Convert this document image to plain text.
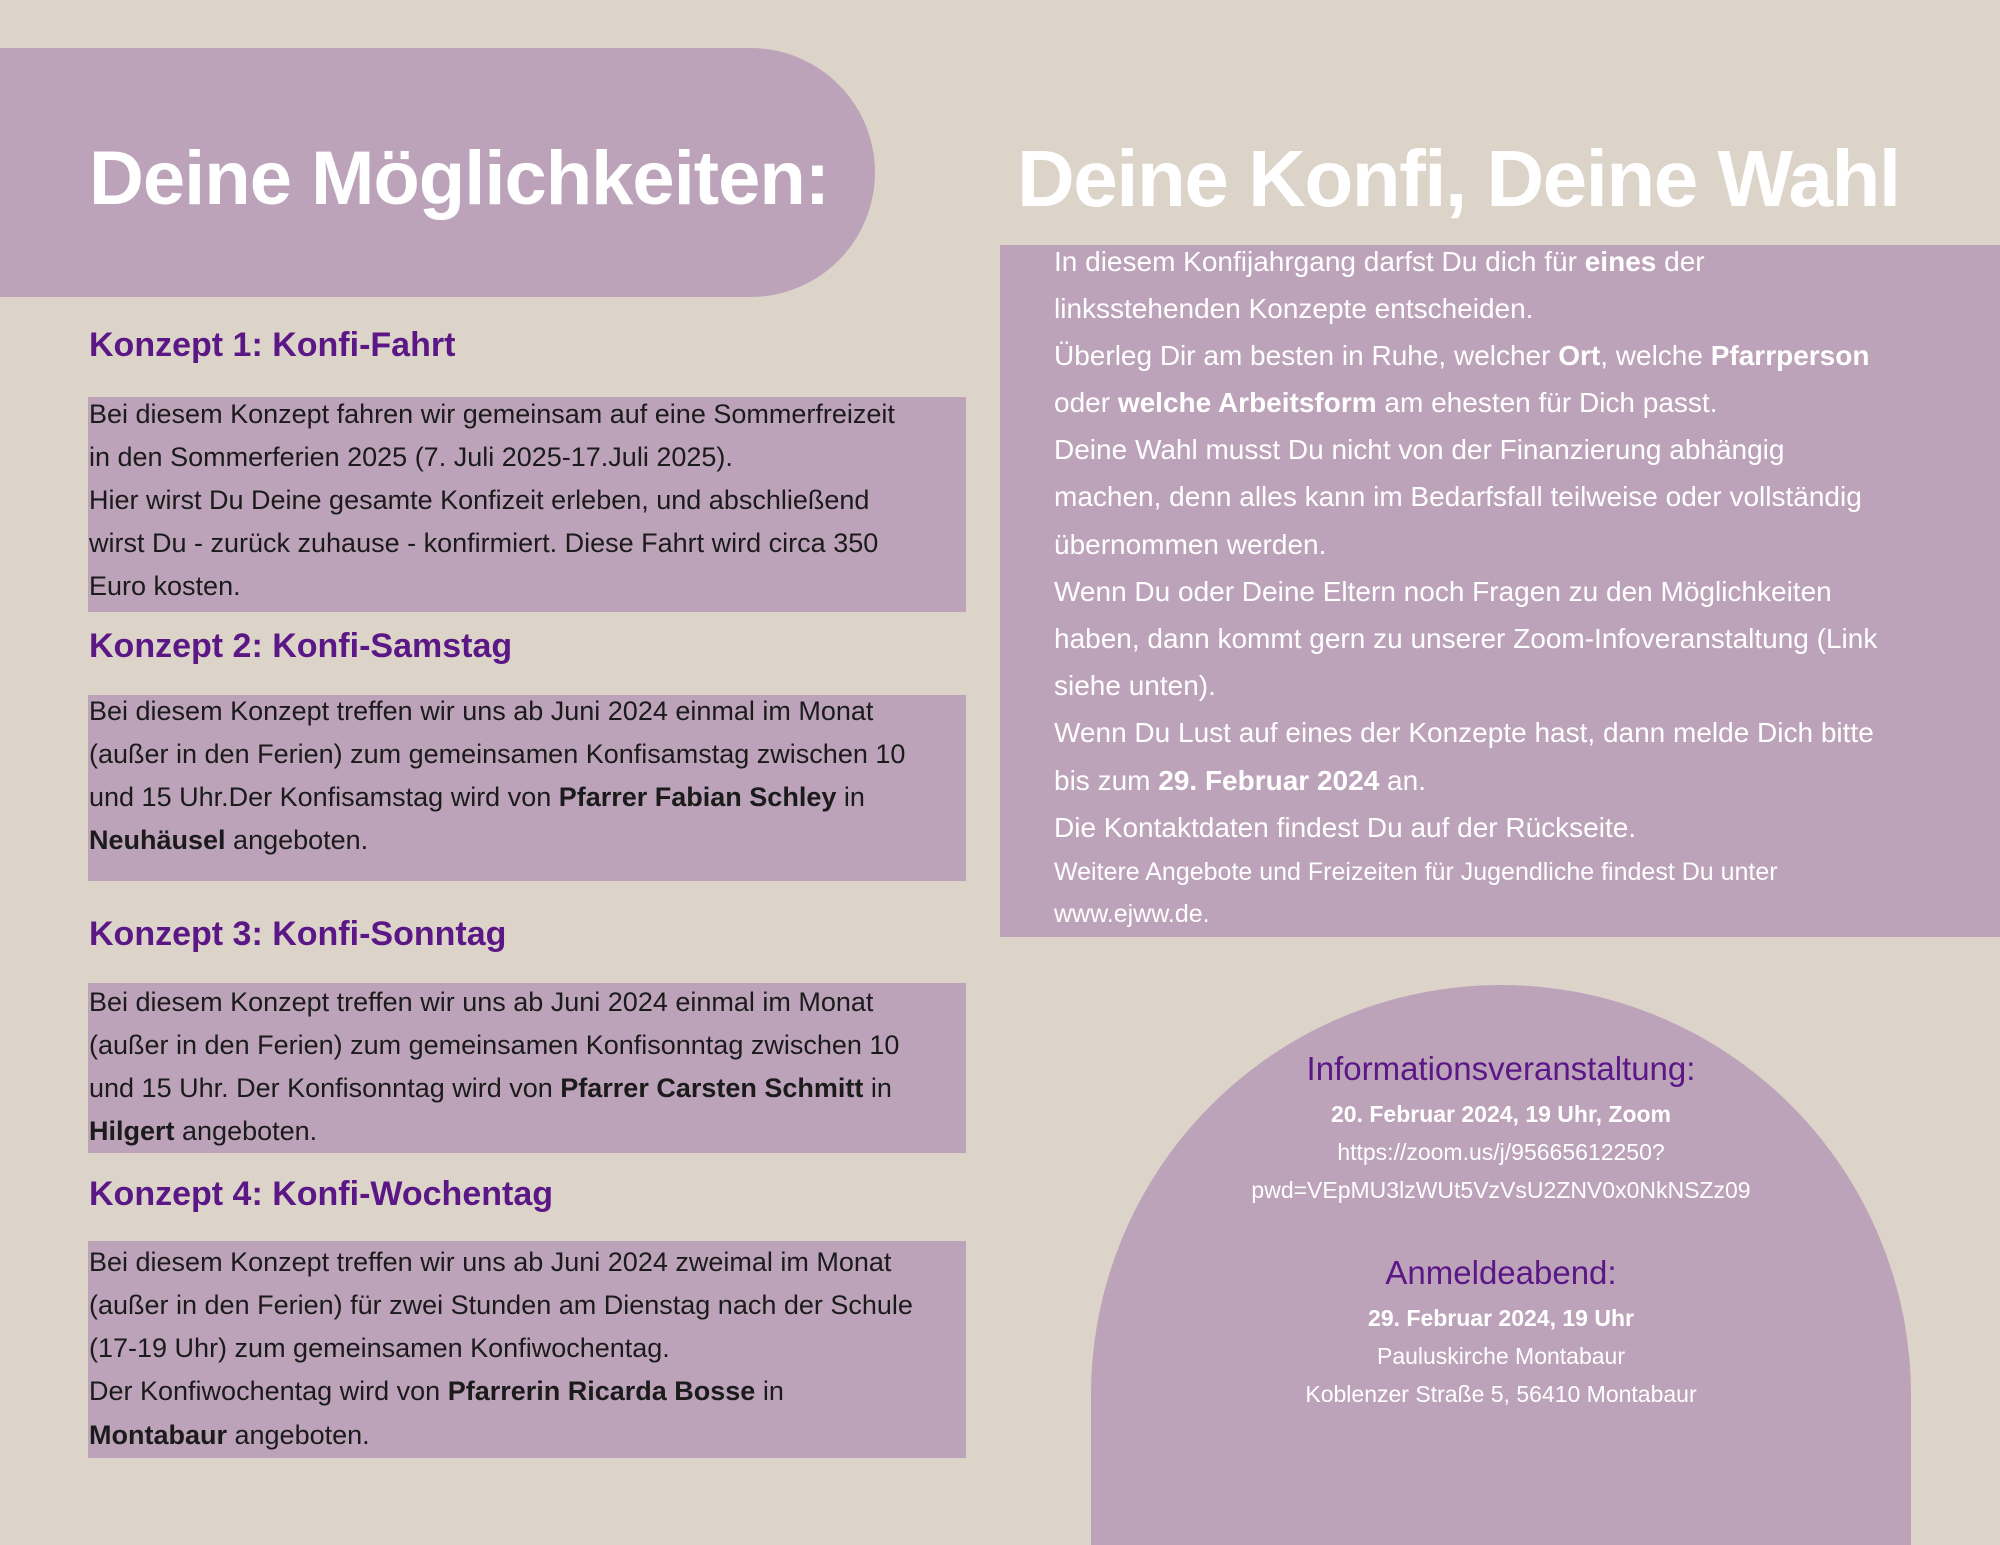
Deine Möglichkeiten: Deine Konfi, Deine Wahl
In diesem Konfijahrgang darfst Du dich für eines der
linksstehenden Konzepte entscheiden.
Überleg Dir am besten in Ruhe, welcher Ort, welche Pfarrperson
oder welche Arbeitsform am ehesten für Dich passt.
Deine Wahl musst Du nicht von der Finanzierung abhängig
machen, denn alles kann im Bedarfsfall teilweise oder vollständig
übernommen werden.
Wenn Du oder Deine Eltern noch Fragen zu den Möglichkeiten
haben, dann kommt gern zu unserer Zoom-Infoveranstaltung (Link
siehe unten).
Wenn Du Lust auf eines der Konzepte hast, dann melde Dich bitte
bis zum 29. Februar 2024 an.
Die Kontaktdaten findest Du auf der Rückseite.
Weitere Angebote und Freizeiten für Jugendliche findest Du unter
www.ejww.de.
Konzept 1: Konfi-Fahrt
Bei diesem Konzept fahren wir gemeinsam auf eine Sommerfreizeit
in den Sommerferien 2025 (7. Juli 2025-17.Juli 2025).
Hier wirst Du Deine gesamte Konfizeit erleben, und abschließend
wirst Du - zurück zuhause - konfirmiert. Diese Fahrt wird circa 350
Euro kosten.
Konzept 2: Konfi-Samstag
Bei diesem Konzept treffen wir uns ab Juni 2024 einmal im Monat
(außer in den Ferien) zum gemeinsamen Konfisamstag zwischen 10
und 15 Uhr.Der Konfisamstag wird von Pfarrer Fabian Schley in
Neuhäusel angeboten.
Konzept 3: Konfi-Sonntag
Bei diesem Konzept treffen wir uns ab Juni 2024 einmal im Monat
(außer in den Ferien) zum gemeinsamen Konfisonntag zwischen 10
und 15 Uhr. Der Konfisonntag wird von Pfarrer Carsten Schmitt in
Hilgert angeboten.
Konzept 4: Konfi-Wochentag
Bei diesem Konzept treffen wir uns ab Juni 2024 zweimal im Monat
(außer in den Ferien) für zwei Stunden am Dienstag nach der Schule
(17-19 Uhr) zum gemeinsamen Konfiwochentag.
Der Konfiwochentag wird von Pfarrerin Ricarda Bosse in
Montabaur angeboten.
Informationsveranstaltung:
20. Februar 2024, 19 Uhr, Zoom
https://zoom.us/j/95665612250?
pwd=VEpMU3lzWUt5VzVsU2ZNV0x0NkNSZz09
Anmeldeabend:
29. Februar 2024, 19 Uhr
Pauluskirche Montabaur
Koblenzer Straße 5, 56410 Montabaur
